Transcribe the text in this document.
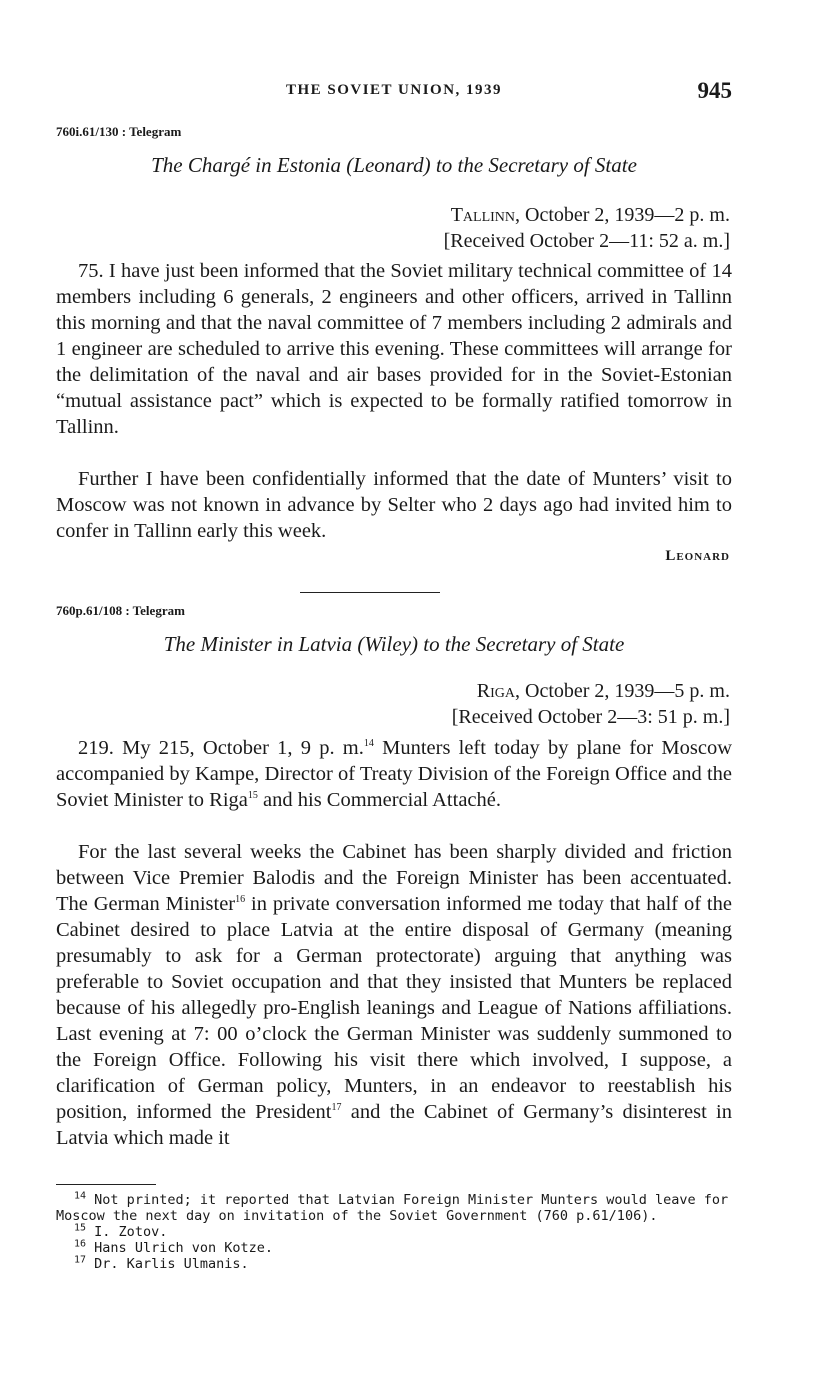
THE SOVIET UNION, 1939	945
760i.61/130 : Telegram
The Chargé in Estonia (Leonard) to the Secretary of State
Tallinn, October 2, 1939—2 p. m.
[Received October 2—11: 52 a. m.]

75. I have just been informed that the Soviet military technical committee of 14 members including 6 generals, 2 engineers and other officers, arrived in Tallinn this morning and that the naval committee of 7 members including 2 admirals and 1 engineer are scheduled to arrive this evening. These committees will arrange for the delimitation of the naval and air bases provided for in the Soviet-Estonian “mutual assistance pact” which is expected to be formally ratified tomorrow in Tallinn.

Further I have been confidentially informed that the date of Munters’ visit to Moscow was not known in advance by Selter who 2 days ago had invited him to confer in Tallinn early this week.

Leonard
760p.61/108 : Telegram
The Minister in Latvia (Wiley) to the Secretary of State
Riga, October 2, 1939—5 p. m.
[Received October 2—3: 51 p. m.]

219. My 215, October 1, 9 p. m.$^{14}$ Munters left today by plane for Moscow accompanied by Kampe, Director of Treaty Division of the Foreign Office and the Soviet Minister to Riga$^{15}$ and his Commercial Attaché.

For the last several weeks the Cabinet has been sharply divided and friction between Vice Premier Balodis and the Foreign Minister has been accentuated. The German Minister$^{16}$ in private conversation informed me today that half of the Cabinet desired to place Latvia at the entire disposal of Germany (meaning presumably to ask for a German protectorate) arguing that anything was preferable to Soviet occupation and that they insisted that Munters be replaced because of his allegedly pro-English leanings and League of Nations affiliations. Last evening at 7: 00 o’clock the German Minister was suddenly summoned to the Foreign Office. Following his visit there which involved, I suppose, a clarification of German policy, Munters, in an endeavor to reestablish his position, informed the President$^{17}$ and the Cabinet of Germany’s disinterest in Latvia which made it

$^{14}$ Not printed; it reported that Latvian Foreign Minister Munters would leave for Moscow the next day on invitation of the Soviet Government (760 p.61/106).

$^{15}$ I. Zotov.

$^{16}$ Hans Ulrich von Kotze.

$^{17}$ Dr. Karlis Ulmanis.
